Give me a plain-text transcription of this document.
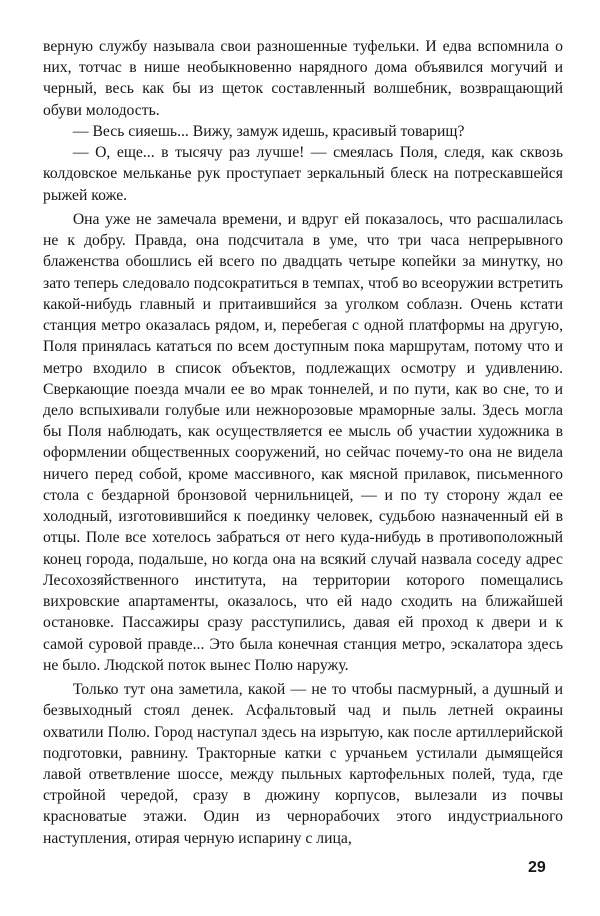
верную службу называла свои разношенные туфельки. И едва вспомнила о них, тотчас в нише необыкновенно нарядного дома объявился могучий и черный, весь как бы из щеток составленный волшебник, возвращающий обуви молодость.

— Весь сияешь... Вижу, замуж идешь, красивый товарищ?

— О, еще... в тысячу раз лучше! — смеялась Поля, следя, как сквозь колдовское мельканье рук проступает зеркальный блеск на потрескавшейся рыжей коже.

Она уже не замечала времени, и вдруг ей показалось, что расшалилась не к добру. Правда, она подсчитала в уме, что три часа непрерывного блаженства обошлись ей всего по двадцать четыре копейки за минутку, но зато теперь следовало подсократиться в темпах, чтоб во всеоружии встретить какой-нибудь главный и притаившийся за уголком соблазн. Очень кстати станция метро оказалась рядом, и, перебегая с одной платформы на другую, Поля принялась кататься по всем доступным пока маршрутам, потому что и метро входило в список объектов, подлежащих осмотру и удивлению. Сверкающие поезда мчали ее во мрак тоннелей, и по пути, как во сне, то и дело вспыхивали голубые или нежнорозовые мраморные залы. Здесь могла бы Поля наблюдать, как осуществляется ее мысль об участии художника в оформлении общественных сооружений, но сейчас почему-то она не видела ничего перед собой, кроме массивного, как мясной прилавок, письменного стола с бездарной бронзовой чернильницей, — и по ту сторону ждал ее холодный, изготовившийся к поединку человек, судьбою назначенный ей в отцы. Поле все хотелось забраться от него куда-нибудь в противоположный конец города, подальше, но когда она на всякий случай назвала соседу адрес Лесохозяйственного института, на территории которого помещались вихровские апартаменты, оказалось, что ей надо сходить на ближайшей остановке. Пассажиры сразу расступились, давая ей проход к двери и к самой суровой правде... Это была конечная станция метро, эскалатора здесь не было. Людской поток вынес Полю наружу.

Только тут она заметила, какой — не то чтобы пасмурный, а душный и безвыходный стоял денек. Асфальтовый чад и пыль летней окраины охватили Полю. Город наступал здесь на изрытую, как после артиллерийской подготовки, равнину. Тракторные катки с урчаньем устилали дымящейся лавой ответвление шоссе, между пыльных картофельных полей, туда, где стройной чередой, сразу в дюжину корпусов, вылезали из почвы красноватые этажи. Один из чернорабочих этого индустриального наступления, отирая черную испарину с лица,

29
